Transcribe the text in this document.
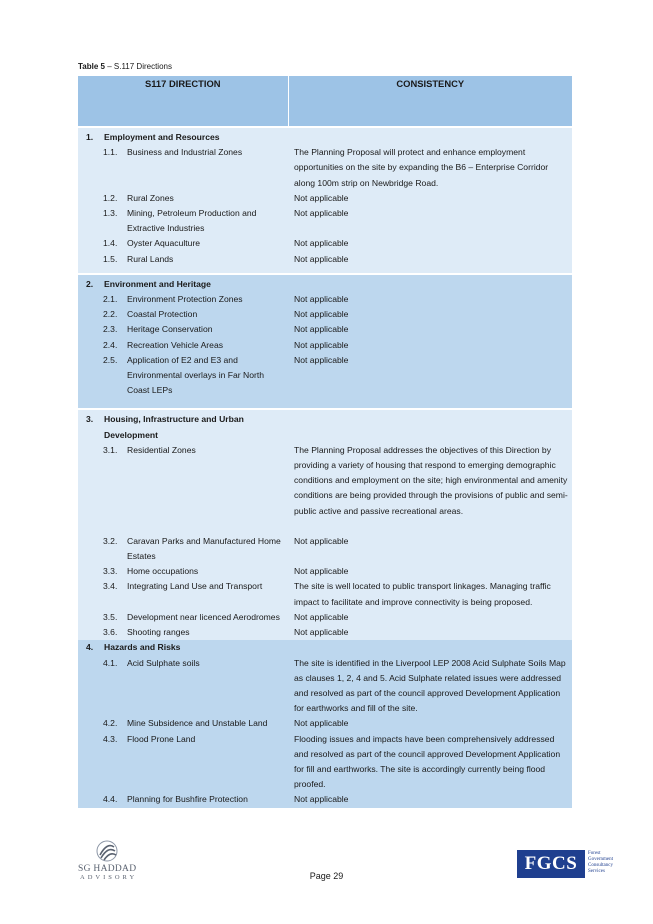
Table 5 – S.117 Directions
S117 DIRECTION	CONSISTENCY

1. Employment and Resources	

1.1. Business and Industrial Zones	The Planning Proposal will protect and enhance employment opportunities on the site by expanding the B6 – Enterprise Corridor along 100m strip on Newbridge Road.

1.2. Rural Zones	Not applicable

1.3. Mining, Petroleum Production and Extractive Industries	Not applicable

1.4. Oyster Aquaculture	Not applicable

1.5. Rural Lands	Not applicable

2. Environment and Heritage	

2.1. Environment Protection Zones	Not applicable

2.2. Coastal Protection	Not applicable

2.3. Heritage Conservation	Not applicable

2.4. Recreation Vehicle Areas	Not applicable

2.5. Application of E2 and E3 and Environmental overlays in Far North Coast LEPs	Not applicable

3. Housing, Infrastructure and Urban Development	

3.1. Residential Zones	The Planning Proposal addresses the objectives of this Direction by providing a variety of housing that respond to emerging demographic conditions and employment on the site; high environmental and amenity conditions are being provided through the provisions of public and semi-public active and passive recreational areas.

3.2. Caravan Parks and Manufactured Home Estates	Not applicable

3.3. Home occupations	Not applicable

3.4. Integrating Land Use and Transport	The site is well located to public transport linkages. Managing traffic impact to facilitate and improve connectivity is being proposed.

3.5. Development near licenced Aerodromes	Not applicable

3.6. Shooting ranges	Not applicable

4. Hazards and Risks	

4.1. Acid Sulphate soils	The site is identified in the Liverpool LEP 2008 Acid Sulphate Soils Map as clauses 1, 2, 4 and 5. Acid Sulphate related issues were addressed and resolved as part of the council approved Development Application for earthworks and fill of the site.

4.2. Mine Subsidence and Unstable Land	Not applicable

4.3. Flood Prone Land	Flooding issues and impacts have been comprehensively addressed and resolved as part of the council approved Development Application for fill and earthworks. The site is accordingly currently being flood proofed.

4.4. Planning for Bushfire Protection	Not applicable
SG HADDAD
ADVISORY	Page 29
FGCS	Forest
Government
Consultancy
Services
